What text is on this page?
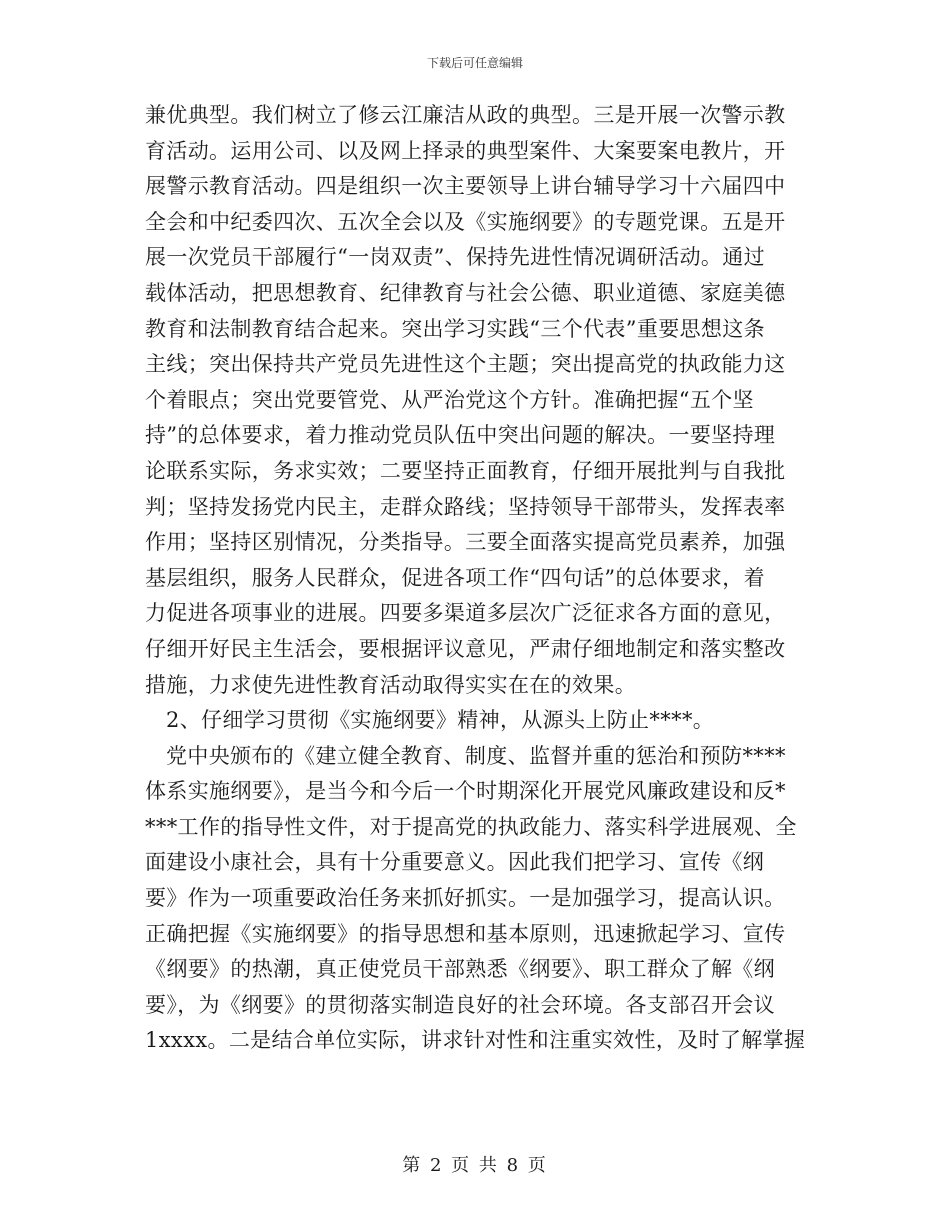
下载后可任意编辑
兼优典型。我们树立了修云江廉洁从政的典型。三是开展一次警示教
育活动。运用公司、以及网上择录的典型案件、大案要案电教片，开
展警示教育活动。四是组织一次主要领导上讲台辅导学习十六届四中
全会和中纪委四次、五次全会以及《实施纲要》的专题党课。五是开
展一次党员干部履行“一岗双责”、保持先进性情况调研活动。通过
载体活动，把思想教育、纪律教育与社会公德、职业道德、家庭美德
教育和法制教育结合起来。突出学习实践“三个代表”重要思想这条
主线；突出保持共产党员先进性这个主题；突出提高党的执政能力这
个着眼点；突出党要管党、从严治党这个方针。准确把握“五个坚
持”的总体要求，着力推动党员队伍中突出问题的解决。一要坚持理
论联系实际，务求实效；二要坚持正面教育，仔细开展批判与自我批
判；坚持发扬党内民主，走群众路线；坚持领导干部带头，发挥表率
作用；坚持区别情况，分类指导。三要全面落实提高党员素养，加强
基层组织，服务人民群众，促进各项工作“四句话”的总体要求，着
力促进各项事业的进展。四要多渠道多层次广泛征求各方面的意见，
仔细开好民主生活会，要根据评议意见，严肃仔细地制定和落实整改
措施，力求使先进性教育活动取得实实在在的效果。
2、仔细学习贯彻《实施纲要》精神，从源头上防止****。
党中央颁布的《建立健全教育、制度、监督并重的惩治和预防****
体系实施纲要》，是当今和今后一个时期深化开展党风廉政建设和反*
***工作的指导性文件，对于提高党的执政能力、落实科学进展观、全
面建设小康社会，具有十分重要意义。因此我们把学习、宣传《纲
要》作为一项重要政治任务来抓好抓实。一是加强学习，提高认识。
正确把握《实施纲要》的指导思想和基本原则，迅速掀起学习、宣传
《纲要》的热潮，真正使党员干部熟悉《纲要》、职工群众了解《纲
要》，为《纲要》的贯彻落实制造良好的社会环境。各支部召开会议
1xxxx。二是结合单位实际，讲求针对性和注重实效性，及时了解掌握
第 2 页 共 8 页
